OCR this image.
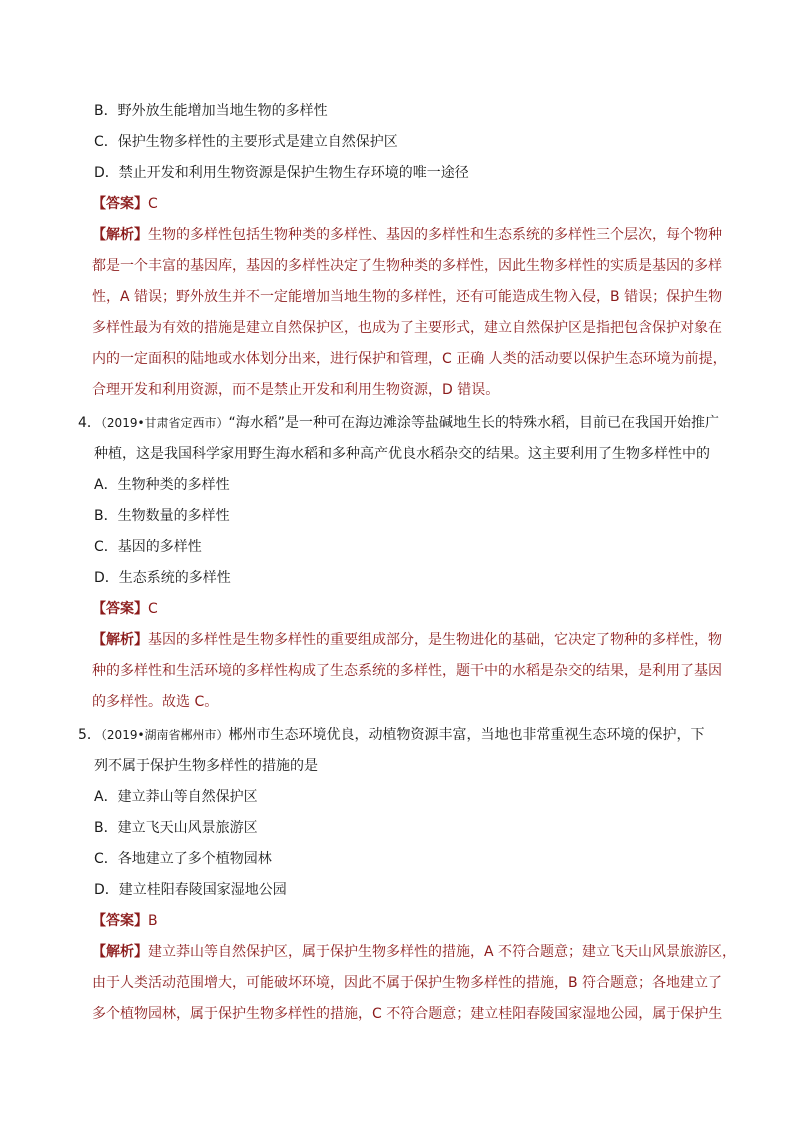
B．野外放生能增加当地生物的多样性
C．保护生物多样性的主要形式是建立自然保护区
D．禁止开发和利用生物资源是保护生物生存环境的唯一途径
【答案】C
【解析】生物的多样性包括生物种类的多样性、基因的多样性和生态系统的多样性三个层次，每个物种
都是一个丰富的基因库，基因的多样性决定了生物种类的多样性，因此生物多样性的实质是基因的多样
性，A 错误；野外放生并不一定能增加当地生物的多样性，还有可能造成生物入侵，B 错误；保护生物
多样性最为有效的措施是建立自然保护区，也成为了主要形式，建立自然保护区是指把包含保护对象在
内的一定面积的陆地或水体划分出来，进行保护和管理，C 正确 人类的活动要以保护生态环境为前提，
合理开发和利用资源，而不是禁止开发和利用生物资源，D 错误。
4．（2019•甘肃省定西市）“海水稻”是一种可在海边滩涂等盐碱地生长的特殊水稻，目前已在我国开始推广
种植，这是我国科学家用野生海水稻和多种高产优良水稻杂交的结果。这主要利用了生物多样性中的
A．生物种类的多样性
B．生物数量的多样性
C．基因的多样性
D．生态系统的多样性
【答案】C
【解析】基因的多样性是生物多样性的重要组成部分，是生物进化的基础，它决定了物种的多样性，物
种的多样性和生活环境的多样性构成了生态系统的多样性，题干中的水稻是杂交的结果，是利用了基因
的多样性。故选 C。
5．（2019•湖南省郴州市）郴州市生态环境优良，动植物资源丰富，当地也非常重视生态环境的保护，下
列不属于保护生物多样性的措施的是
A．建立莽山等自然保护区
B．建立飞天山风景旅游区
C．各地建立了多个植物园林
D．建立桂阳春陵国家湿地公园
【答案】B
【解析】建立莽山等自然保护区，属于保护生物多样性的措施，A 不符合题意；建立飞天山风景旅游区，
由于人类活动范围增大，可能破坏环境，因此不属于保护生物多样性的措施，B 符合题意；各地建立了
多个植物园林，属于保护生物多样性的措施，C 不符合题意；建立桂阳春陵国家湿地公园，属于保护生
